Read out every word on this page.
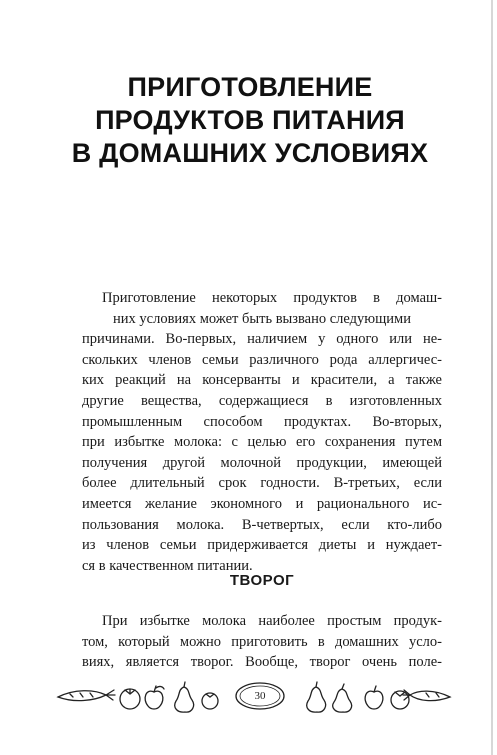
ПРИГОТОВЛЕНИЕ
ПРОДУКТОВ ПИТАНИЯ
В ДОМАШНИХ УСЛОВИЯХ

Приготовление некоторых продуктов в домаш-
них условиях может быть вызвано следующими
причинами. Во-первых, наличием у одного или не-
скольких членов семьи различного рода аллергичес-
ких реакций на консерванты и красители, а также
другие вещества, содержащиеся в изготовленных
промышленным способом продуктах. Во-вторых,
при избытке молока: с целью его сохранения путем
получения другой молочной продукции, имеющей
более длительный срок годности. В-третьих, если
имеется желание экономного и рационального ис-
пользования молока. В-четвертых, если кто-либо
из членов семьи придерживается диеты и нуждает-
ся в качественном питании.

ТВОРОГ

При избытке молока наиболее простым продук-
том, который можно приготовить в домашних усло-
виях, является творог. Вообще, творог очень поле-

30
